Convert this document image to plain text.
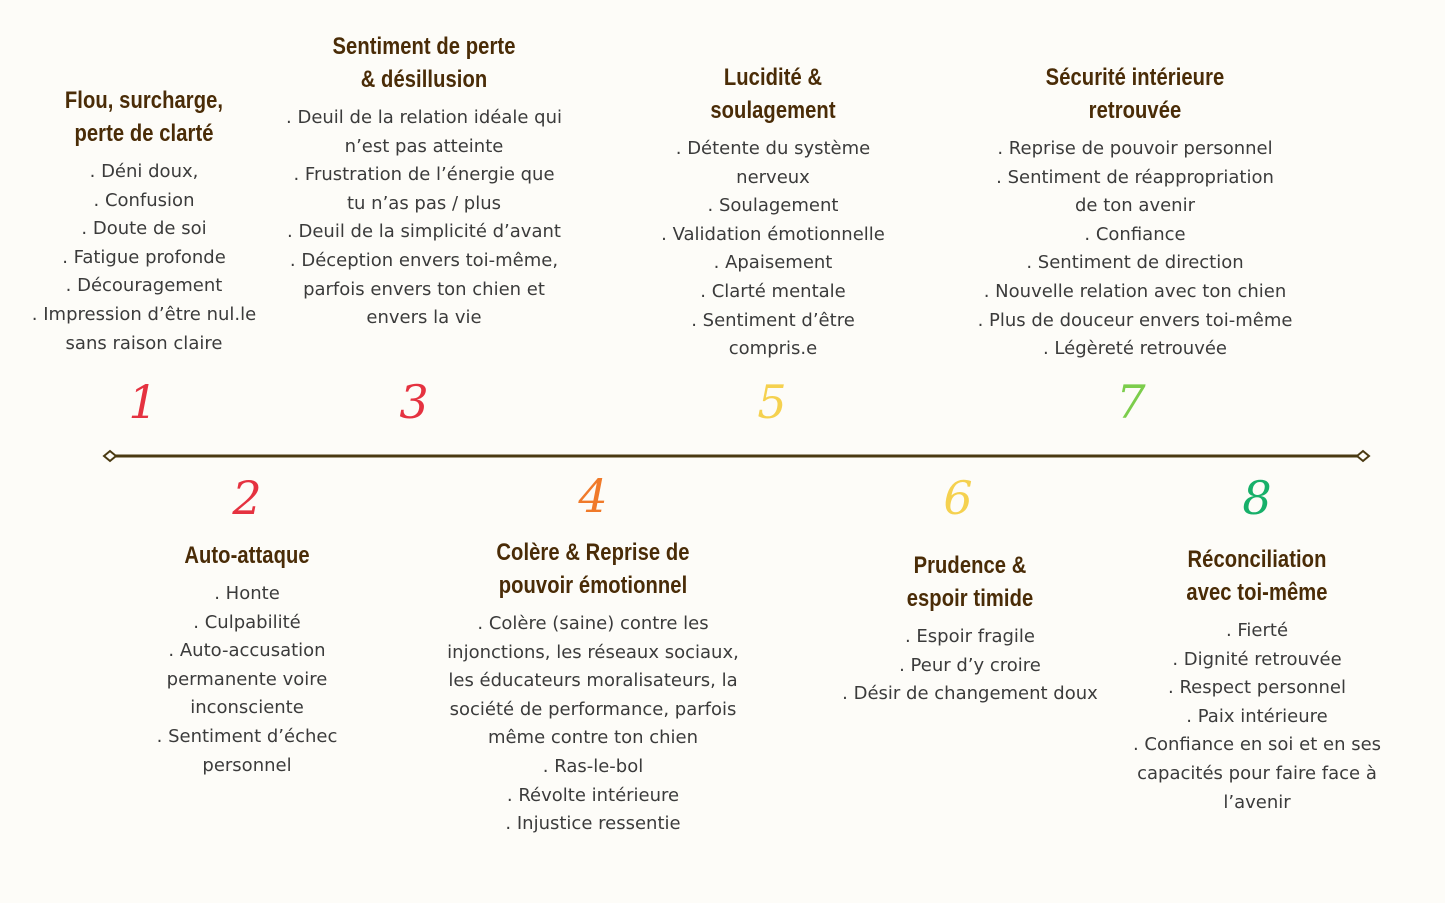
Flou, surcharge,
perte de clarté
. Déni doux,
. Confusion
. Doute de soi
. Fatigue profonde
. Découragement
. Impression d’être nul.le
sans raison claire
1
Sentiment de perte
& désillusion
. Deuil de la relation idéale qui
n’est pas atteinte
. Frustration de l’énergie que
tu n’as pas / plus
. Deuil de la simplicité d’avant
. Déception envers toi-même,
parfois envers ton chien et
envers la vie
3
Lucidité &
soulagement
. Détente du système
nerveux
. Soulagement
. Validation émotionnelle
. Apaisement
. Clarté mentale
. Sentiment d’être
compris.e
5
Sécurité intérieure
retrouvée
. Reprise de pouvoir personnel
. Sentiment de réappropriation
de ton avenir
. Confiance
. Sentiment de direction
. Nouvelle relation avec ton chien
. Plus de douceur envers toi-même
. Légèreté retrouvée
7
2
Auto-attaque
. Honte
. Culpabilité
. Auto-accusation
permanente voire
inconsciente
. Sentiment d’échec
personnel
4
Colère & Reprise de
pouvoir émotionnel
. Colère (saine) contre les
injonctions, les réseaux sociaux,
les éducateurs moralisateurs, la
société de performance, parfois
même contre ton chien
. Ras-le-bol
. Révolte intérieure
. Injustice ressentie
6
Prudence &
espoir timide
. Espoir fragile
. Peur d’y croire
. Désir de changement doux
8
Réconciliation
avec toi-même
. Fierté
. Dignité retrouvée
. Respect personnel
. Paix intérieure
. Confiance en soi et en ses
capacités pour faire face à
l’avenir
